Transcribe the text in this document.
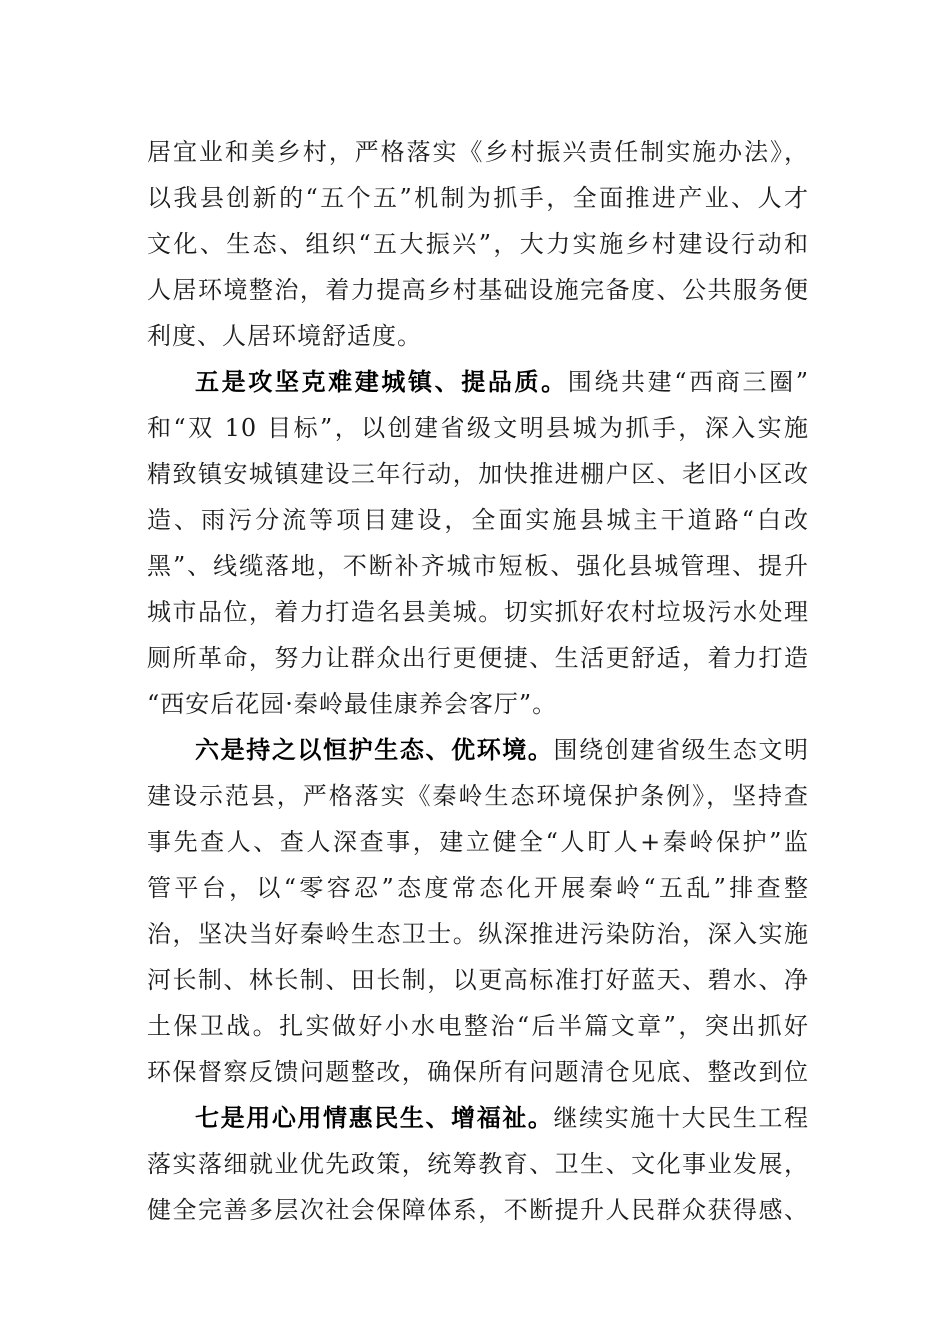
居宜业和美乡村，严格落实《乡村振兴责任制实施办法》，
以我县创新的“五个五”机制为抓手，全面推进产业、人才
文化、生态、组织“五大振兴”，大力实施乡村建设行动和
人居环境整治，着力提高乡村基础设施完备度、公共服务便
利度、人居环境舒适度。
五是攻坚克难建城镇、提品质。围绕共建“西商三圈”
和“双 10 目标”，以创建省级文明县城为抓手，深入实施
精致镇安城镇建设三年行动，加快推进棚户区、老旧小区改
造、雨污分流等项目建设，全面实施县城主干道路“白改
黑”、线缆落地，不断补齐城市短板、强化县城管理、提升
城市品位，着力打造名县美城。切实抓好农村垃圾污水处理
厕所革命，努力让群众出行更便捷、生活更舒适，着力打造
“西安后花园·秦岭最佳康养会客厅”。
六是持之以恒护生态、优环境。围绕创建省级生态文明
建设示范县，严格落实《秦岭生态环境保护条例》，坚持查
事先查人、查人深查事，建立健全“人盯人+秦岭保护”监
管平台，以“零容忍”态度常态化开展秦岭“五乱”排查整
治，坚决当好秦岭生态卫士。纵深推进污染防治，深入实施
河长制、林长制、田长制，以更高标准打好蓝天、碧水、净
土保卫战。扎实做好小水电整治“后半篇文章”，突出抓好
环保督察反馈问题整改，确保所有问题清仓见底、整改到位
七是用心用情惠民生、增福祉。继续实施十大民生工程
落实落细就业优先政策，统筹教育、卫生、文化事业发展，
健全完善多层次社会保障体系，不断提升人民群众获得感、
